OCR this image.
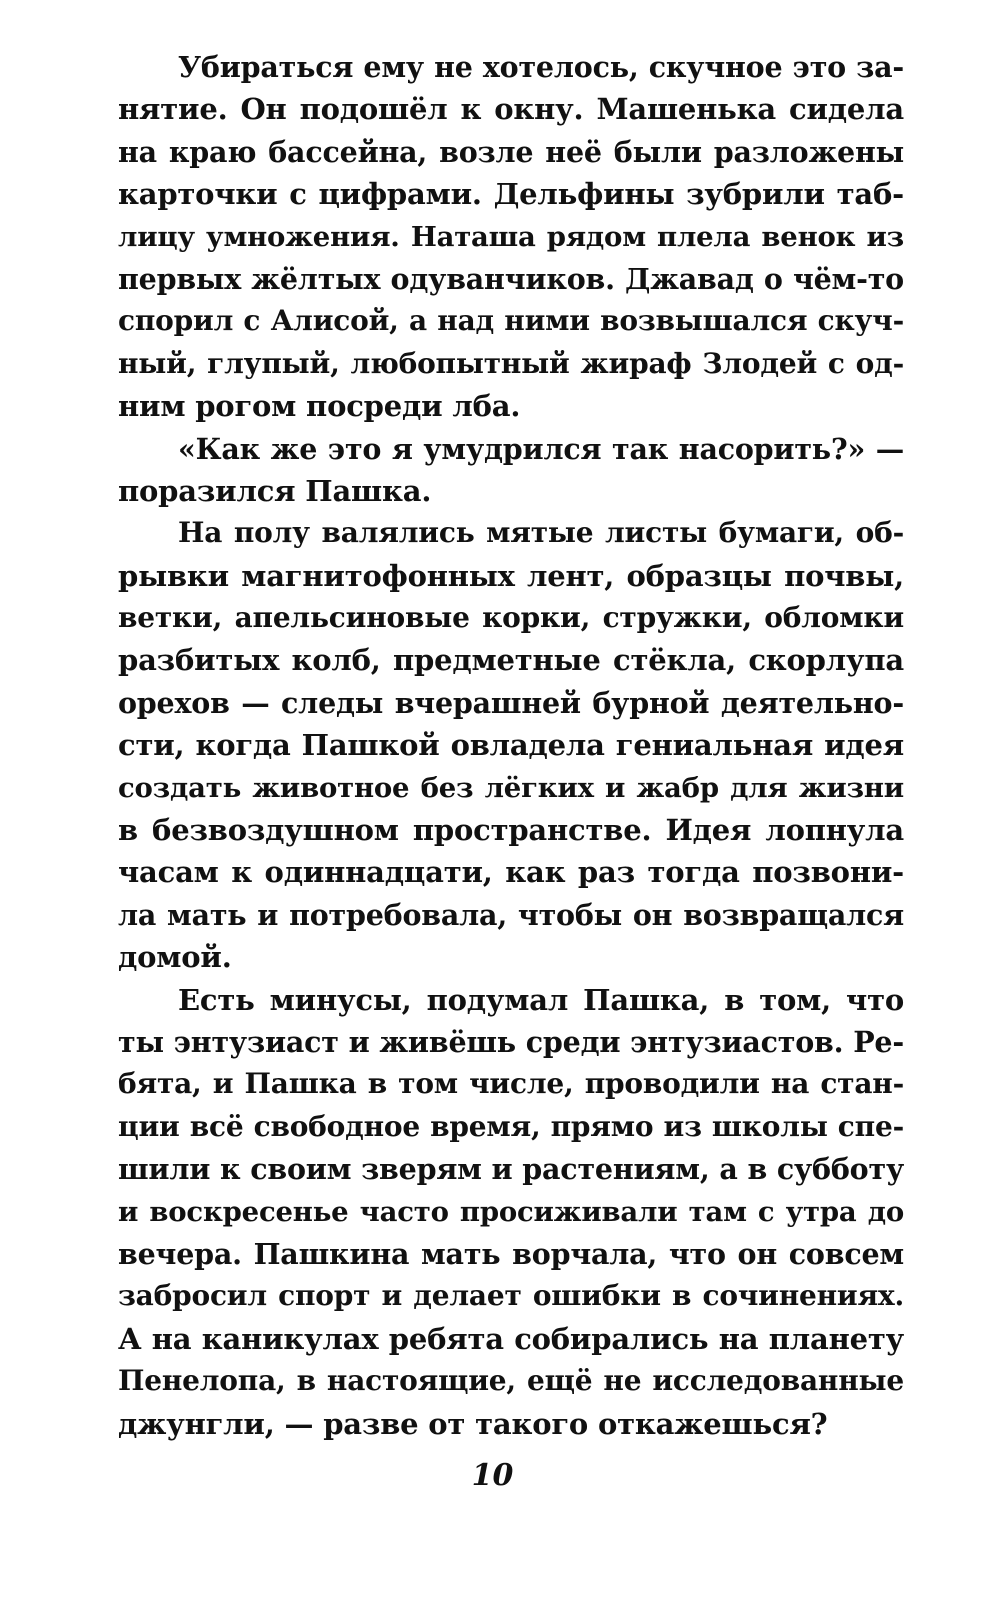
Убираться ему не хотелось, скучное это за-
нятие. Он подошёл к окну. Машенька сидела
на краю бассейна, возле неё были разложены
карточки с цифрами. Дельфины зубрили таб-
лицу умножения. Наташа рядом плела венок из
первых жёлтых одуванчиков. Джавад о чём-то
спорил с Алисой, а над ними возвышался скуч-
ный, глупый, любопытный жираф Злодей с од-
ним рогом посреди лба.
«Как же это я умудрился так насорить?» —
поразился Пашка.
На полу валялись мятые листы бумаги, об-
рывки магнитофонных лент, образцы почвы,
ветки, апельсиновые корки, стружки, обломки
разбитых колб, предметные стёкла, скорлупа
орехов — следы вчерашней бурной деятельно-
сти, когда Пашкой овладела гениальная идея
создать животное без лёгких и жабр для жизни
в безвоздушном пространстве. Идея лопнула
часам к одиннадцати, как раз тогда позвони-
ла мать и потребовала, чтобы он возвращался
домой.
Есть минусы, подумал Пашка, в том, что
ты энтузиаст и живёшь среди энтузиастов. Ре-
бята, и Пашка в том числе, проводили на стан-
ции всё свободное время, прямо из школы спе-
шили к своим зверям и растениям, а в субботу
и воскресенье часто просиживали там с утра до
вечера. Пашкина мать ворчала, что он совсем
забросил спорт и делает ошибки в сочинениях.
А на каникулах ребята собирались на планету
Пенелопа, в настоящие, ещё не исследованные
джунгли, — разве от такого откажешься?
10
